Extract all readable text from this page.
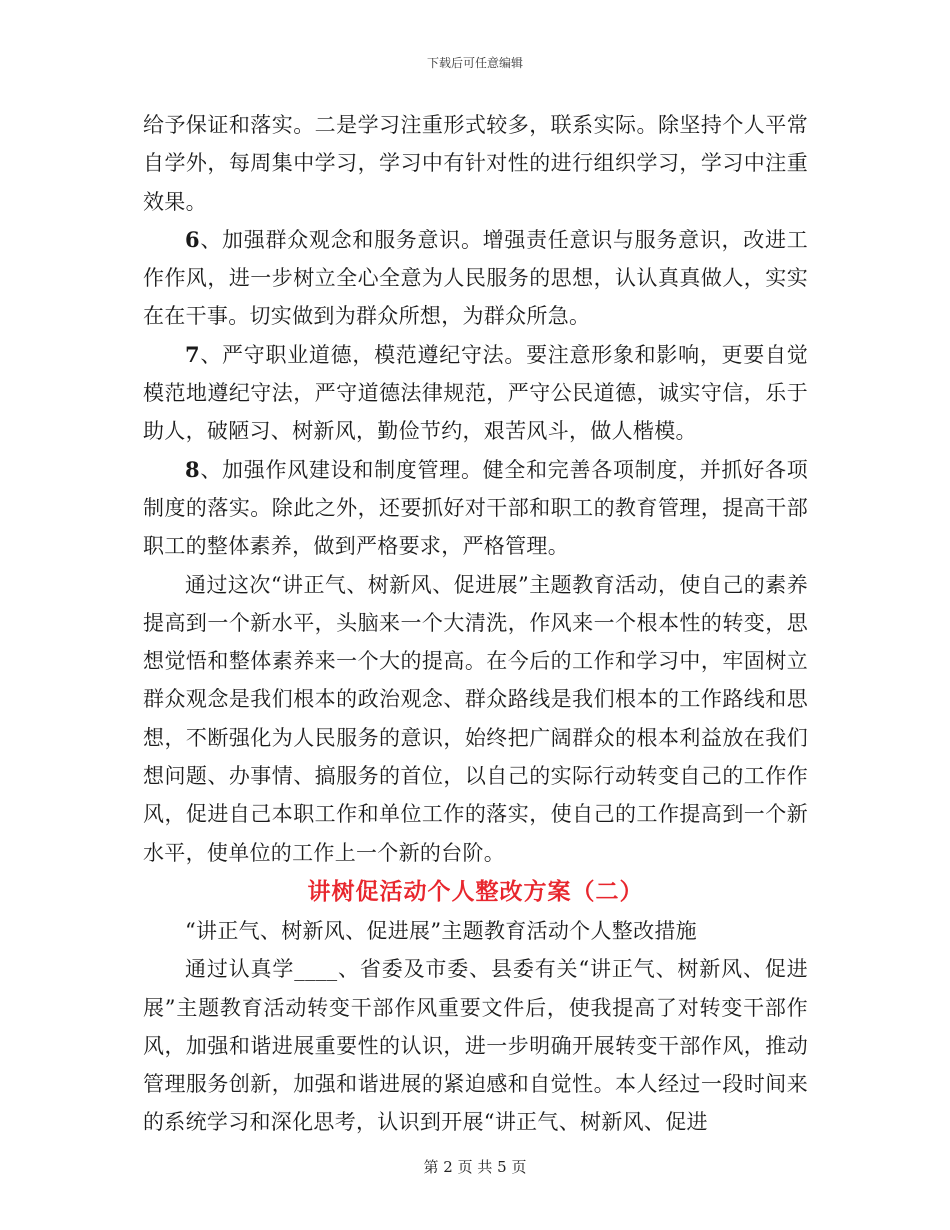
下载后可任意编辑

给予保证和落实。二是学习注重形式较多，联系实际。除坚持个人平常自学外，每周集中学习，学习中有针对性的进行组织学习，学习中注重效果。

6、加强群众观念和服务意识。增强责任意识与服务意识，改进工作作风，进一步树立全心全意为人民服务的思想，认认真真做人，实实在在干事。切实做到为群众所想，为群众所急。

7、严守职业道德，模范遵纪守法。要注意形象和影响，更要自觉模范地遵纪守法，严守道德法律规范，严守公民道德，诚实守信，乐于助人，破陋习、树新风，勤俭节约，艰苦风斗，做人楷模。

8、加强作风建设和制度管理。健全和完善各项制度，并抓好各项制度的落实。除此之外，还要抓好对干部和职工的教育管理，提高干部职工的整体素养，做到严格要求，严格管理。

通过这次“讲正气、树新风、促进展”主题教育活动，使自己的素养提高到一个新水平，头脑来一个大清洗，作风来一个根本性的转变，思想觉悟和整体素养来一个大的提高。在今后的工作和学习中，牢固树立群众观念是我们根本的政治观念、群众路线是我们根本的工作路线和思想，不断强化为人民服务的意识，始终把广阔群众的根本利益放在我们想问题、办事情、搞服务的首位，以自己的实际行动转变自己的工作作风，促进自己本职工作和单位工作的落实，使自己的工作提高到一个新水平，使单位的工作上一个新的台阶。

讲树促活动个人整改方案（二）

“讲正气、树新风、促进展”主题教育活动个人整改措施

通过认真学____、省委及市委、县委有关“讲正气、树新风、促进展”主题教育活动转变干部作风重要文件后，使我提高了对转变干部作风，加强和谐进展重要性的认识，进一步明确开展转变干部作风，推动管理服务创新，加强和谐进展的紧迫感和自觉性。本人经过一段时间来的系统学习和深化思考，认识到开展“讲正气、树新风、促进

第 2 页 共 5 页
